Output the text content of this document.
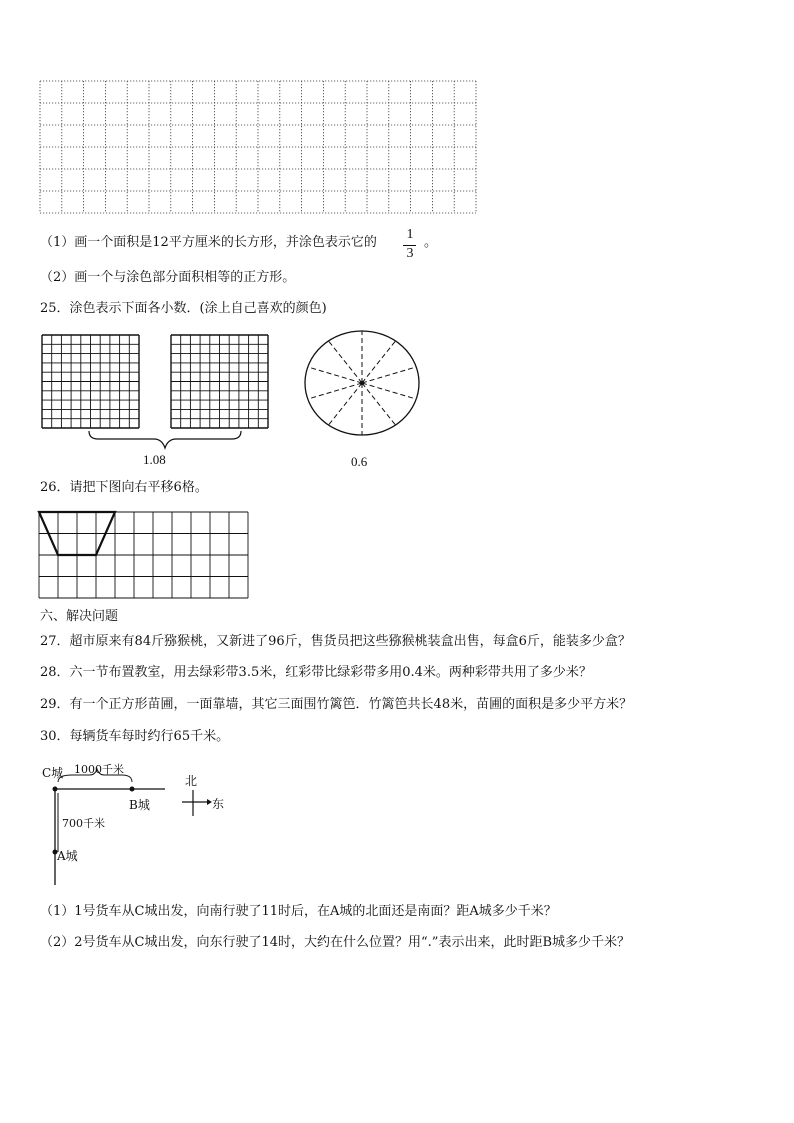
（1）画一个面积是12平方厘米的长方形，并涂色表示它的
1
3
。
（2）画一个与涂色部分面积相等的正方形。
25．涂色表示下面各小数．(涂上自己喜欢的颜色)
1.08	0.6
26．请把下图向右平移6格。
六、解决问题
27．超市原来有84斤猕猴桃，又新进了96斤，售货员把这些猕猴桃装盒出售，每盒6斤，能装多少盒？
28．六一节布置教室，用去绿彩带3.5米，红彩带比绿彩带多用0.4米。两种彩带共用了多少米？
29．有一个正方形苗圃，一面靠墙，其它三面围竹篱笆．竹篱笆共长48米，苗圃的面积是多少平方米？
30．每辆货车每时约行65千米。
C城 1000千米
B城
700千米
A城
北
东
（1）1号货车从C城出发，向南行驶了11时后，在A城的北面还是南面？距A城多少千米？
（2）2号货车从C城出发，向东行驶了14时，大约在什么位置？用“.”表示出来，此时距B城多少千米？
